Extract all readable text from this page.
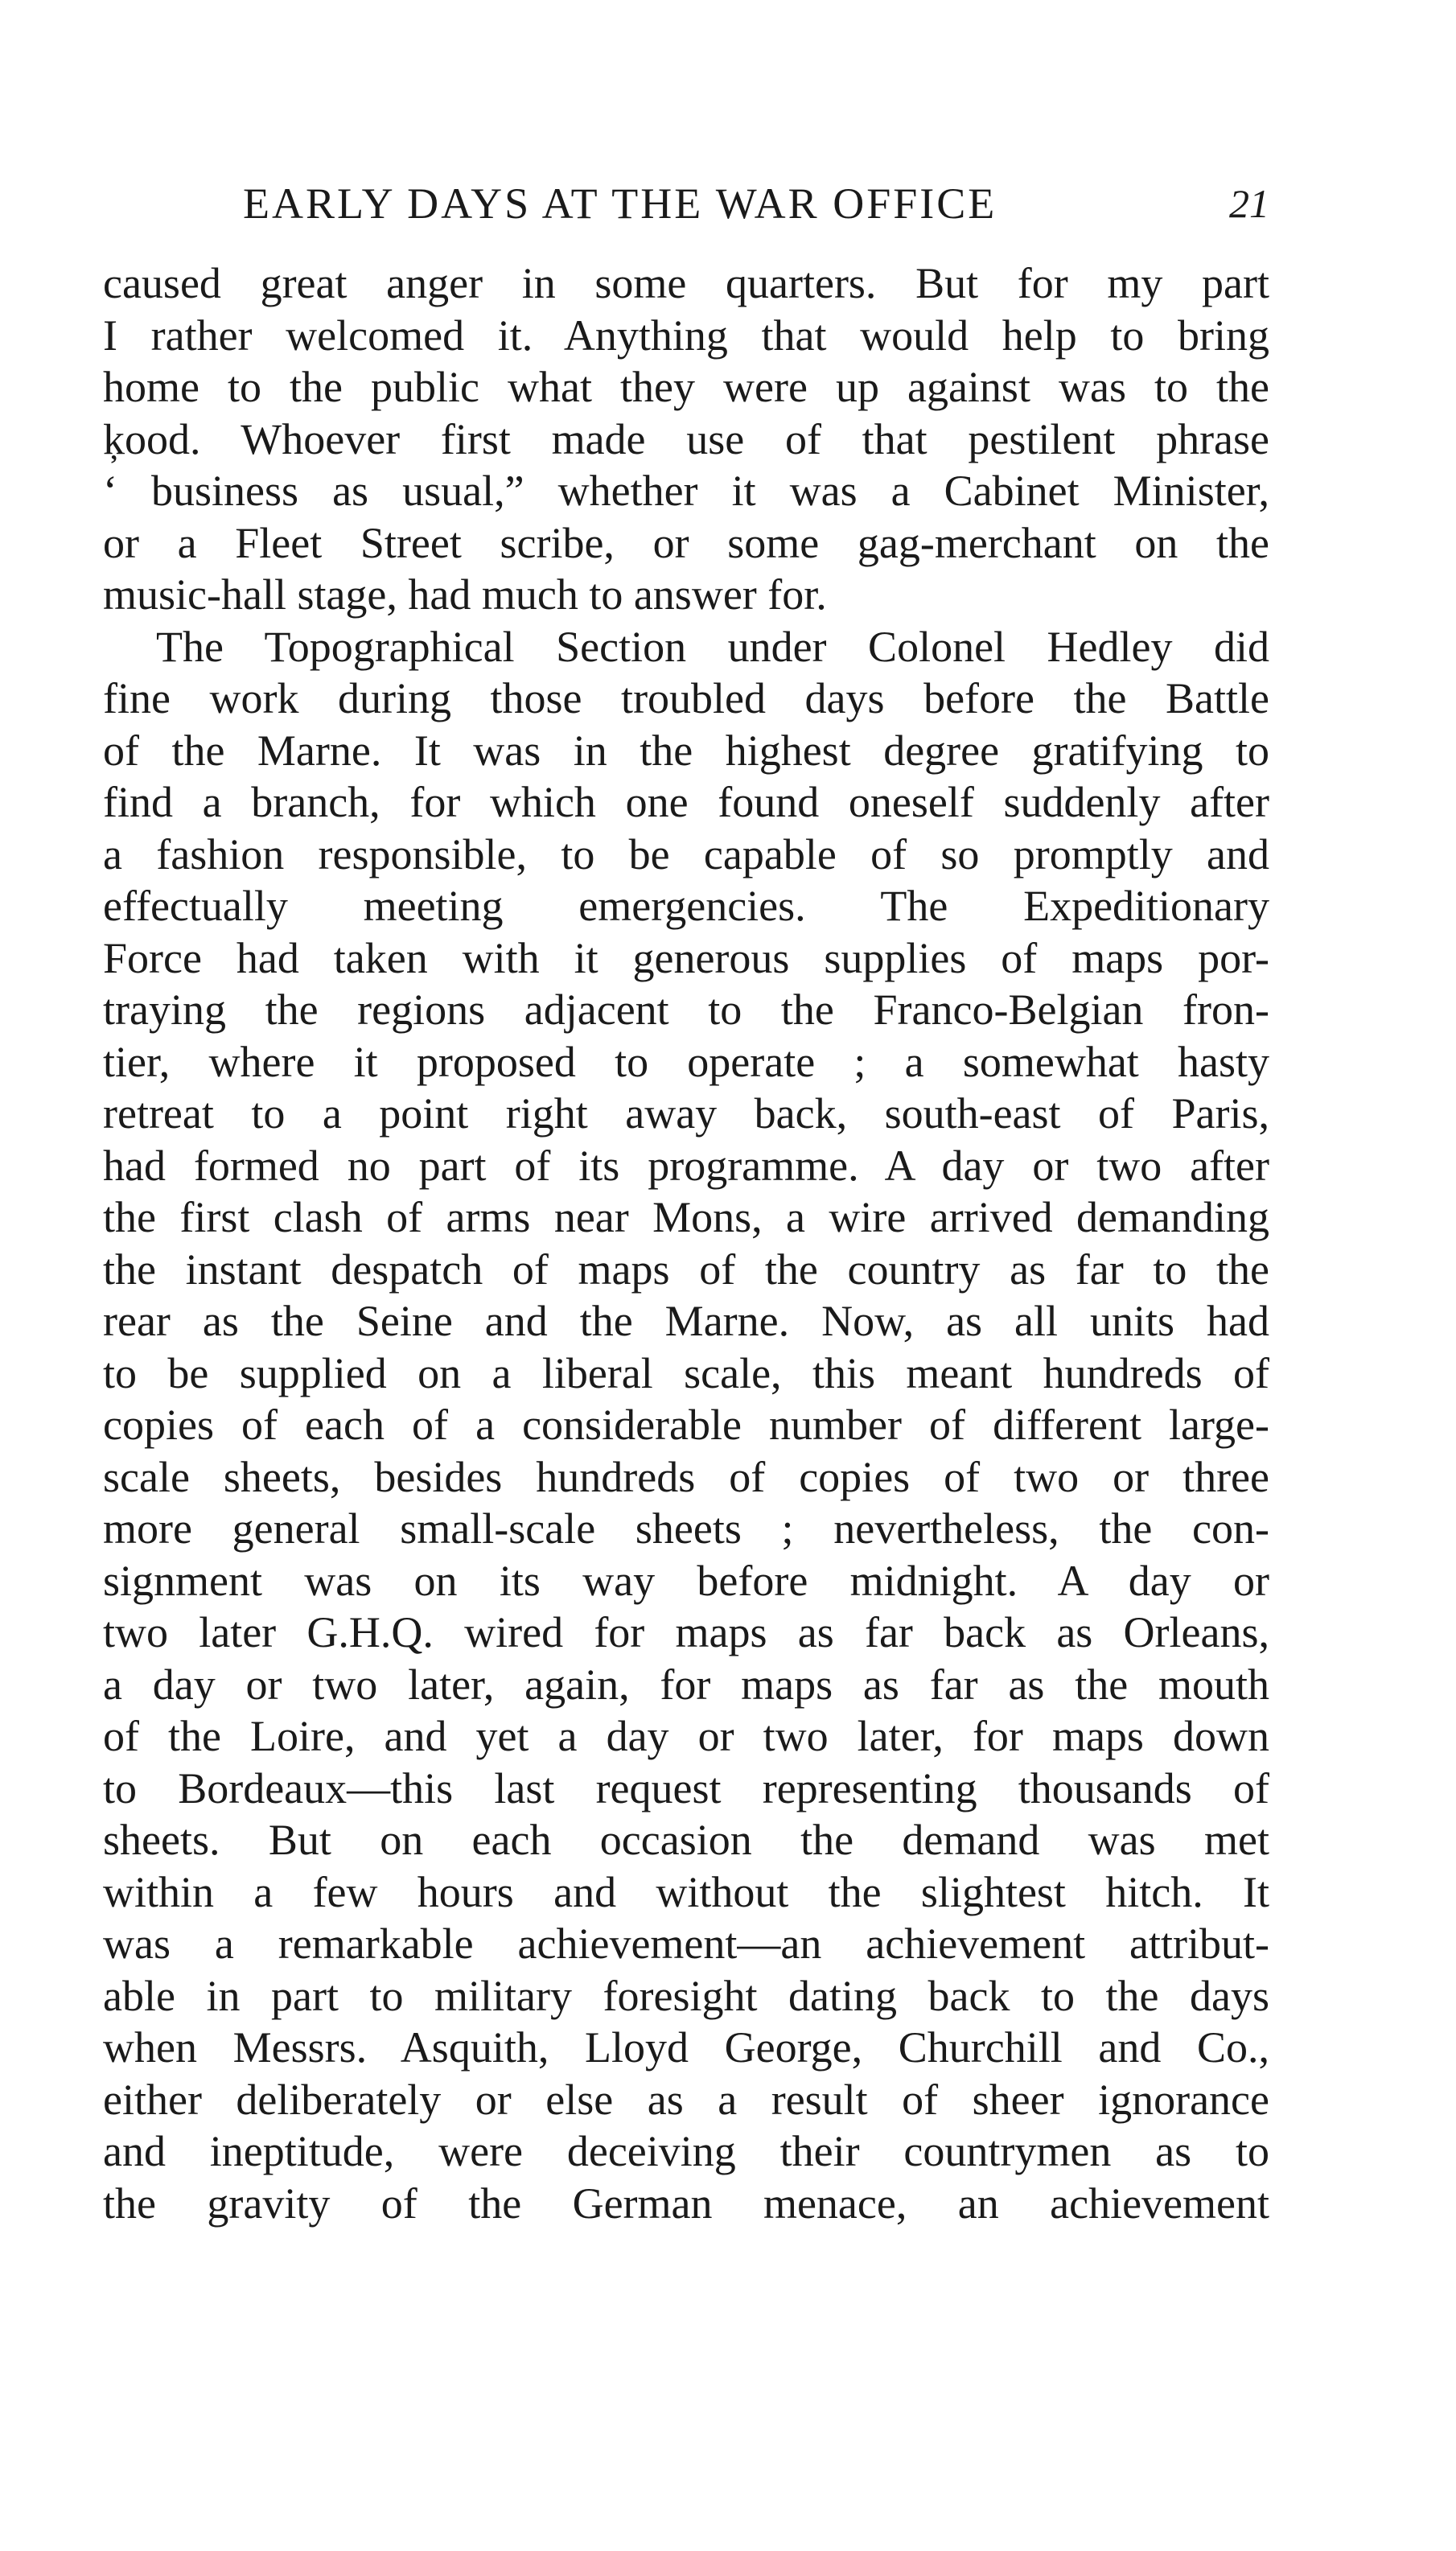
EARLY DAYS AT THE WAR OFFICE	21
caused great anger in some quarters. But for my part
I rather welcomed it. Anything that would help to bring
home to the public what they were up against was to the
ķood. Whoever first made use of that pestilent phrase
‘ business as usual,” whether it was a Cabinet Minister,
or a Fleet Street scribe, or some gag-merchant on the
music-hall stage, had much to answer for.
The Topographical Section under Colonel Hedley did
fine work during those troubled days before the Battle
of the Marne. It was in the highest degree gratifying to
find a branch, for which one found oneself suddenly after
a fashion responsible, to be capable of so promptly and
effectually meeting emergencies. The Expeditionary
Force had taken with it generous supplies of maps por-
traying the regions adjacent to the Franco-Belgian fron-
tier, where it proposed to operate ; a somewhat hasty
retreat to a point right away back, south-east of Paris,
had formed no part of its programme. A day or two after
the first clash of arms near Mons, a wire arrived demanding
the instant despatch of maps of the country as far to the
rear as the Seine and the Marne. Now, as all units had
to be supplied on a liberal scale, this meant hundreds of
copies of each of a considerable number of different large-
scale sheets, besides hundreds of copies of two or three
more general small-scale sheets ; nevertheless, the con-
signment was on its way before midnight. A day or
two later G.H.Q. wired for maps as far back as Orleans,
a day or two later, again, for maps as far as the mouth
of the Loire, and yet a day or two later, for maps down
to Bordeaux—this last request representing thousands of
sheets. But on each occasion the demand was met
within a few hours and without the slightest hitch. It
was a remarkable achievement—an achievement attribut-
able in part to military foresight dating back to the days
when Messrs. Asquith, Lloyd George, Churchill and Co.,
either deliberately or else as a result of sheer ignorance
and ineptitude, were deceiving their countrymen as to
the gravity of the German menace, an achievement
